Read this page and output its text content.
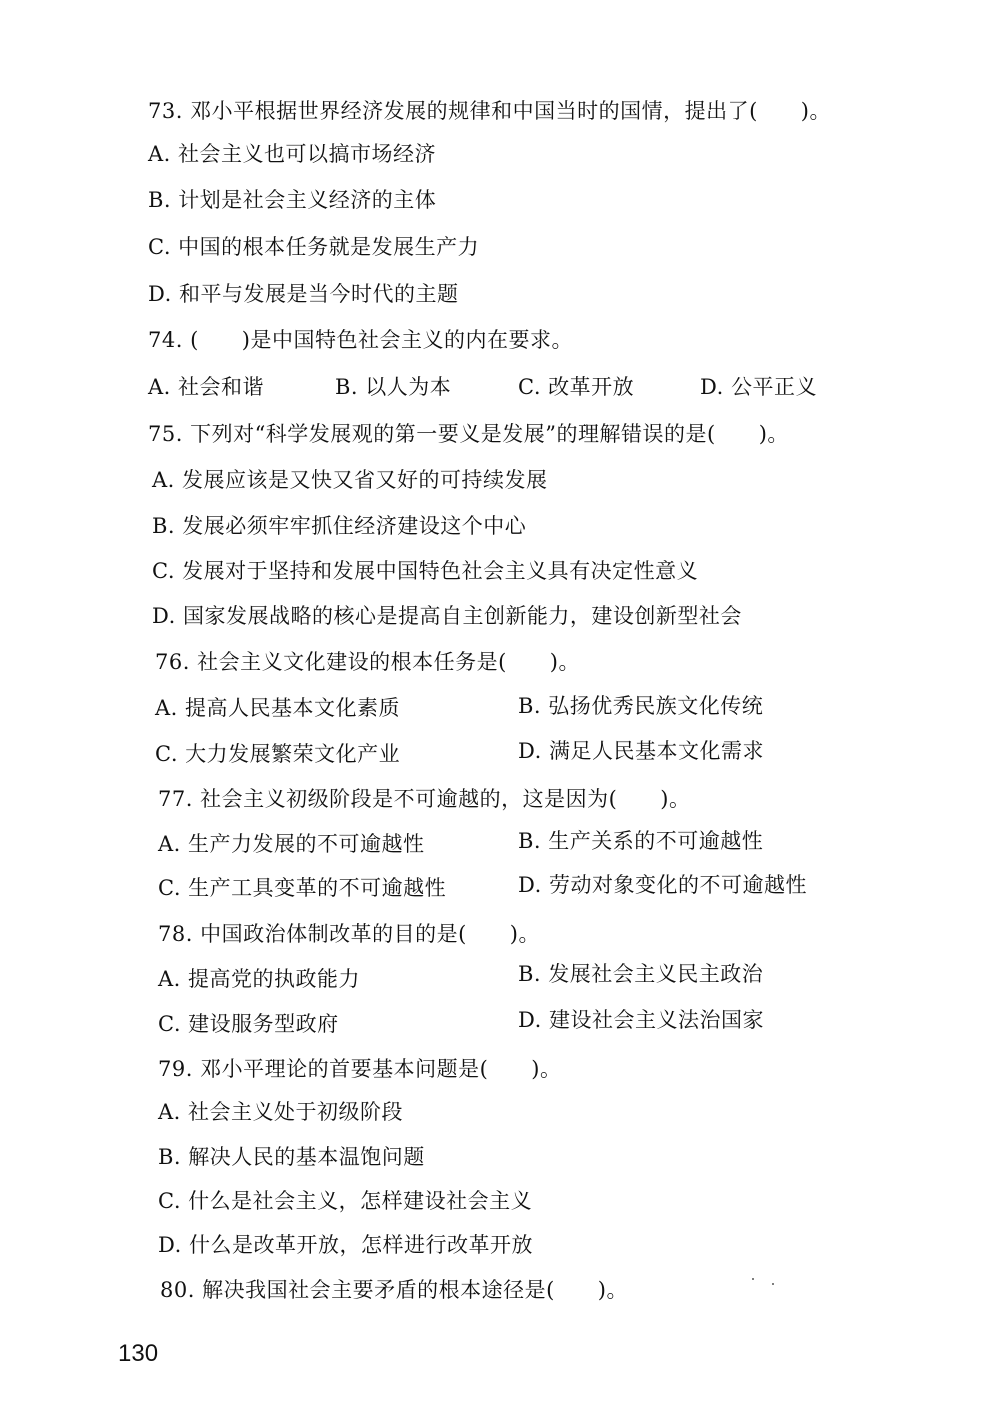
73. 邓小平根据世界经济发展的规律和中国当时的国情，提出了(　　)。
A. 社会主义也可以搞市场经济
B. 计划是社会主义经济的主体
C. 中国的根本任务就是发展生产力
D. 和平与发展是当今时代的主题
74. (　　)是中国特色社会主义的内在要求。
A. 社会和谐	B. 以人为本	C. 改革开放	D. 公平正义
75. 下列对“科学发展观的第一要义是发展”的理解错误的是(　　)。
A. 发展应该是又快又省又好的可持续发展
B. 发展必须牢牢抓住经济建设这个中心
C. 发展对于坚持和发展中国特色社会主义具有决定性意义
D. 国家发展战略的核心是提高自主创新能力，建设创新型社会
76. 社会主义文化建设的根本任务是(　　)。
A. 提高人民基本文化素质	B. 弘扬优秀民族文化传统
C. 大力发展繁荣文化产业	D. 满足人民基本文化需求
77. 社会主义初级阶段是不可逾越的，这是因为(　　)。
A. 生产力发展的不可逾越性	B. 生产关系的不可逾越性
C. 生产工具变革的不可逾越性	D. 劳动对象变化的不可逾越性
78. 中国政治体制改革的目的是(　　)。
A. 提高党的执政能力	B. 发展社会主义民主政治
C. 建设服务型政府	D. 建设社会主义法治国家
79. 邓小平理论的首要基本问题是(　　)。
A. 社会主义处于初级阶段
B. 解决人民的基本温饱问题
C. 什么是社会主义，怎样建设社会主义
D. 什么是改革开放，怎样进行改革开放
80. 解决我国社会主要矛盾的根本途径是(　　)。
130
